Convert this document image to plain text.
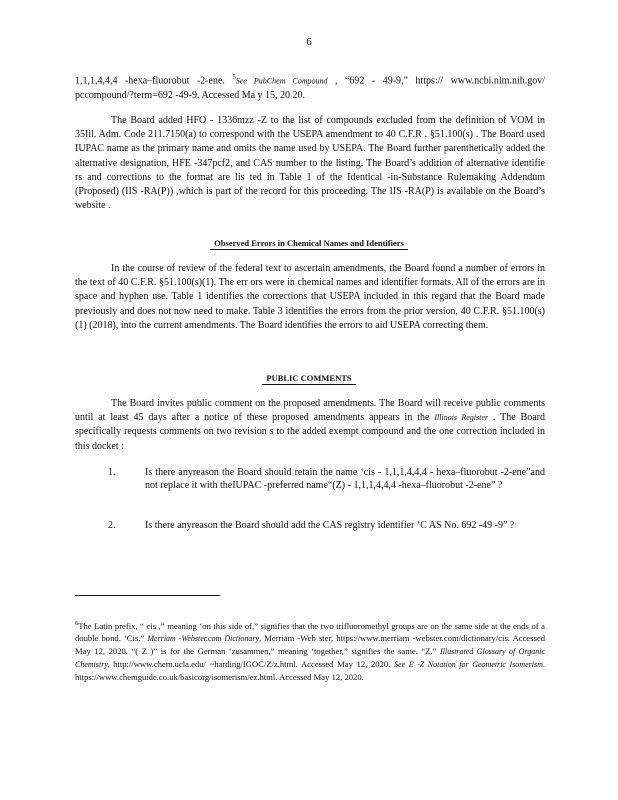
6

1,1,1,4,4,4 -hexa–fluorobut -2-ene. $^5$See PubChem Compound , “692 - 49-9,” https:// www.ncbi.nlm.nih.gov/ pccompound/?term=692 -49-9. Accessed Ma y 15, 20 20.

The Board added HFO - 1336mzz -Z to the list of compounds excluded from the definition of VOM in 35Ill. Adm. Code 211.7150(a) to correspond with the USEPA amendment to 40 C.F.R . §51.100(s) . The Board used IUPAC name as the primary name and omits the name used by USEPA. The Board further parenthetically added the alternative designation, HFE -347pcf2, and CAS number to the listing. The Board’s addition of alternative identifie rs and corrections to the format are lis ted in Table 1 of the Identical -in-Substance Rulemaking Addendum (Proposed) (IIS -RA(P)) ,which is part of the record for this proceeding. The IIS -RA(P) is available on the Board’s website .

Observed Errors in Chemical Names and Identifiers

In the course of review of the federal text to ascertain amendments, the Board found a number of errors in the text of 40 C.F.R. §51.100(s)(1). The err ors were in chemical names and identifier formats. All of the errors are in space and hyphen use. Table 1 identifies the corrections that USEPA included in this regard that the Board made previously and does not now need to make. Table 3 identifies the errors from the prior version, 40 C.F.R. §51.100(s)(1) (2018), into the current amendments. The Board identifies the errors to aid USEPA correcting them.

PUBLIC COMMENTS

The Board invites public comment on the proposed amendments. The Board will receive public comments until at least 45 days after a notice of these proposed amendments appears in the Illinois Register . The Board specifically requests comments on two revision s to the added exempt compound and the one correction included in this docket :

1.	Is there anyreason the Board should retain the name ‘cis - 1,1,1,4,4,4 - hexa–fluorobut -2-ene”and not replace it with theIUPAC -preferred name“(Z) - 1,1,1,4,4,4 -hexa–fluorobut -2-ene” ?
2.	Is there anyreason the Board should add the CAS registry identifier ‘C AS No. 692 -49 -9” ?

$^6$The Latin prefix, “ cis ,” meaning ‘on this side of,” signifies that the two trifluoromethyl groups are on the same side at the ends of a double bond. ‘Cis.” Merriam -Webster.com Dictionary, Merriam -Web ster, https://www.merriam -webster.com/dictionary/cis. Accessed May 12, 2020. “( Z )” is for the German ‘zusammen,” meaning ‘together,” signifies the same. “Z.” Illustrated Glossary of Organic Chemistry, http://www.chem.ucla.edu/ ~harding/IGOC/Z/z.html. Accessed May 12, 2020. See E -Z Notation for Geometric Isomerism. https://www.chemguide.co.uk/basicorg/isomerism/ez.html. Accessed May 12, 2020.
